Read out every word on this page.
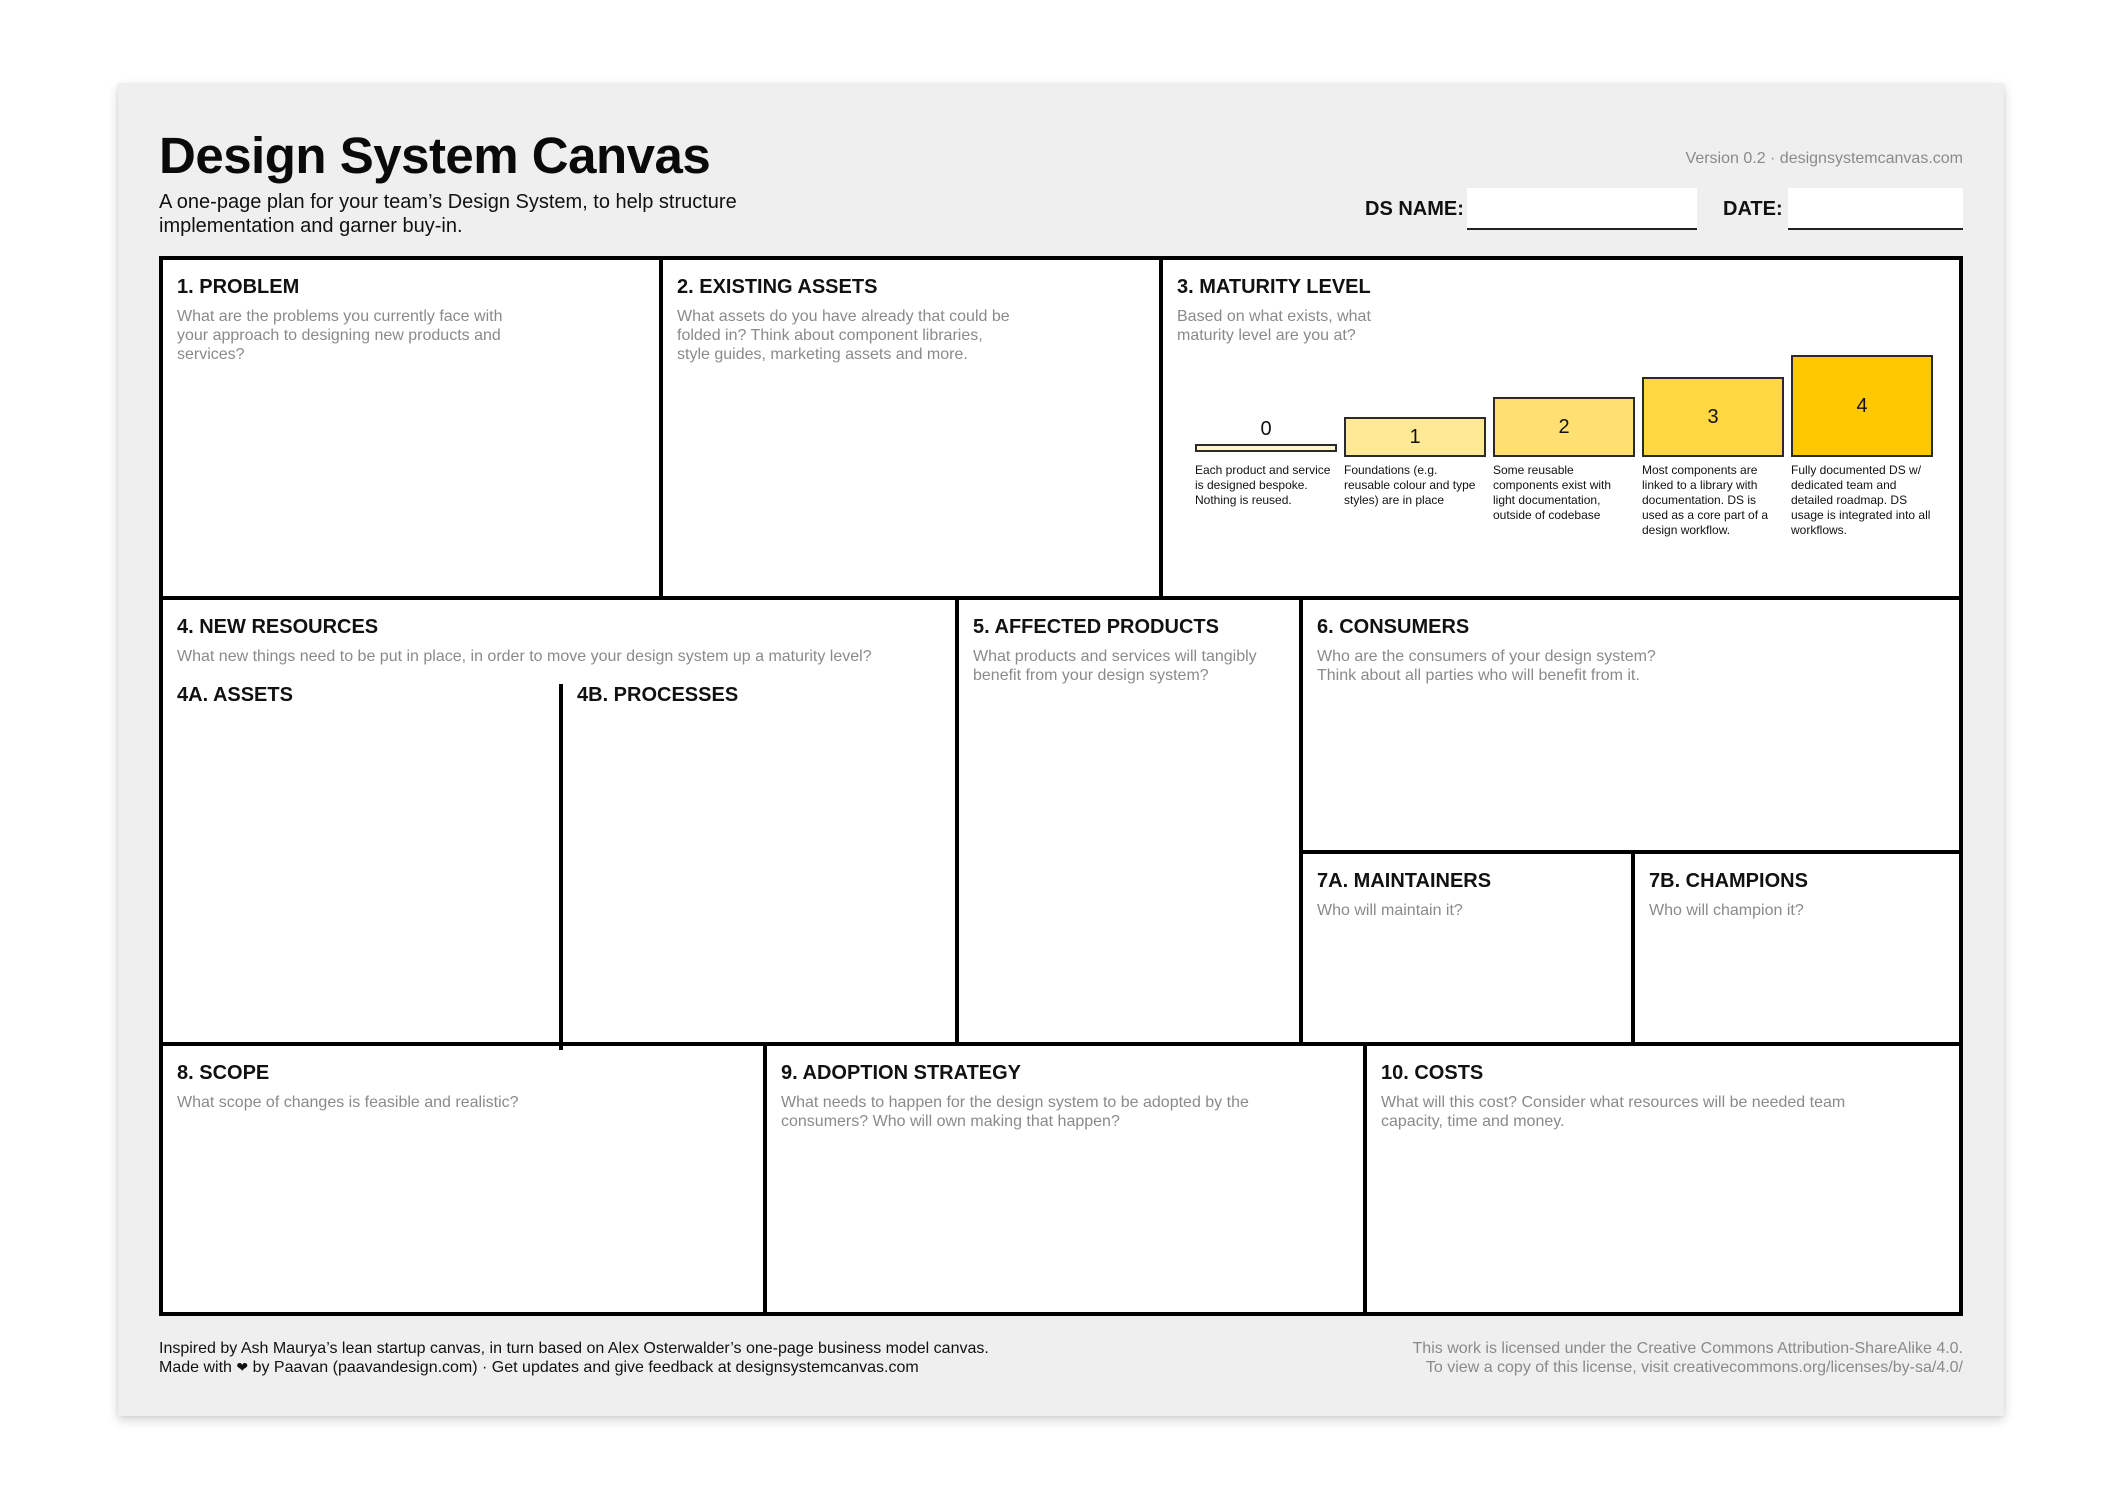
Design System Canvas
A one-page plan for your team’s Design System, to help structure
implementation and garner buy-in.
Version 0.2 · designsystemcanvas.com
DS NAME:	DATE:
1. PROBLEM
What are the problems you currently face with
your approach to designing new products and
services?
2. EXISTING ASSETS
What assets do you have already that could be
folded in? Think about component libraries,
style guides, marketing assets and more.
3. MATURITY LEVEL
Based on what exists, what
maturity level are you at?
0	1	2	3	4
Each product and service is designed bespoke. Nothing is reused.
Foundations (e.g. reusable colour and type styles) are in place
Some reusable components exist with light documentation, outside of codebase
Most components are linked to a library with documentation. DS is used as a core part of a design workflow.
Fully documented DS w/ dedicated team and detailed roadmap. DS usage is integrated into all workflows.
4. NEW RESOURCES
What new things need to be put in place, in order to move your design system up a maturity level?
4A. ASSETS	4B. PROCESSES
5. AFFECTED PRODUCTS
What products and services will tangibly
benefit from your design system?
6. CONSUMERS
Who are the consumers of your design system?
Think about all parties who will benefit from it.
7A. MAINTAINERS
Who will maintain it?
7B. CHAMPIONS
Who will champion it?
8. SCOPE
What scope of changes is feasible and realistic?
9. ADOPTION STRATEGY
What needs to happen for the design system to be adopted by the
consumers? Who will own making that happen?
10. COSTS
What will this cost? Consider what resources will be needed team
capacity, time and money.
Inspired by Ash Maurya’s lean startup canvas, in turn based on Alex Osterwalder’s one-page business model canvas.
Made with ❤ by Paavan (paavandesign.com) · Get updates and give feedback at designsystemcanvas.com
This work is licensed under the Creative Commons Attribution-ShareAlike 4.0.
To view a copy of this license, visit creativecommons.org/licenses/by-sa/4.0/
